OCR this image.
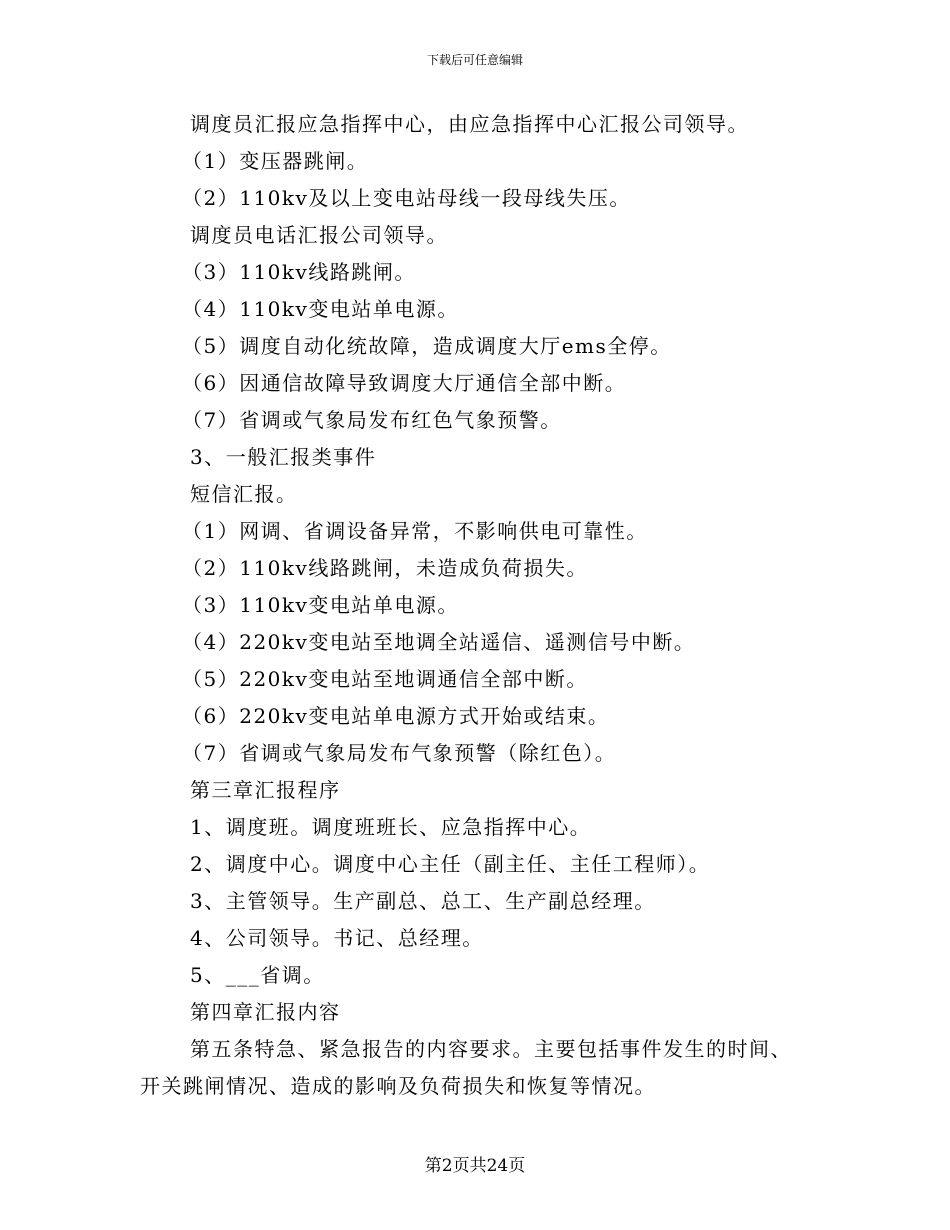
下载后可任意编辑
调度员汇报应急指挥中心，由应急指挥中心汇报公司领导。
（1）变压器跳闸。
（2）110kv及以上变电站母线一段母线失压。
调度员电话汇报公司领导。
（3）110kv线路跳闸。
（4）110kv变电站单电源。
（5）调度自动化统故障，造成调度大厅ems全停。
（6）因通信故障导致调度大厅通信全部中断。
（7）省调或气象局发布红色气象预警。
3、一般汇报类事件
短信汇报。
（1）网调、省调设备异常，不影响供电可靠性。
（2）110kv线路跳闸，未造成负荷损失。
（3）110kv变电站单电源。
（4）220kv变电站至地调全站遥信、遥测信号中断。
（5）220kv变电站至地调通信全部中断。
（6）220kv变电站单电源方式开始或结束。
（7）省调或气象局发布气象预警（除红色）。
第三章汇报程序
1、调度班。调度班班长、应急指挥中心。
2、调度中心。调度中心主任（副主任、主任工程师）。
3、主管领导。生产副总、总工、生产副总经理。
4、公司领导。书记、总经理。
5、___省调。
第四章汇报内容
第五条特急、紧急报告的内容要求。主要包括事件发生的时间、
开关跳闸情况、造成的影响及负荷损失和恢复等情况。
第2页共24页
